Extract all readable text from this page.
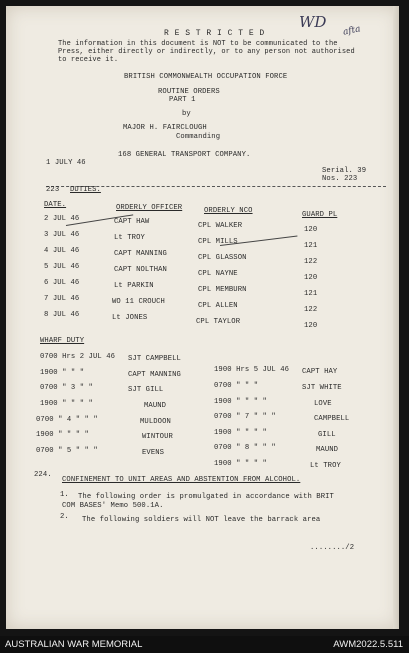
R E S T R I C T E D
WD afta
The information in this document is NOT to be communicated to the
Press, either directly or indirectly, or to any person not authorised
to receive it.
BRITISH COMMONWEALTH OCCUPATION FORCE
ROUTINE ORDERS
PART 1
by
MAJOR H. FAIRCLOUGH
Commanding
168 GENERAL TRANSPORT COMPANY.
1 JULY 46
Serial. 39
Nos. 223
223 DUTIES.
DATE.	ORDERLY OFFICER	ORDERLY NCO	GUARD PL
2 JUL 46	CAPT HAW	CPL WALKER	120
3 JUL 46	Lt TROY	CPL MILLS	121
4 JUL 46	CAPT MANNING	CPL GLASSON	122
5 JUL 46	CAPT NOLTHAN	CPL NAYNE	120
6 JUL 46	Lt PARKIN	CPL MEMBURN	121
7 JUL 46	WO 11 CROUCH	CPL ALLEN	122
8 JUL 46	Lt JONES	CPL TAYLOR	120
WHARF DUTY
0700 Hrs 2 JUL 46 SJT CAMPBELL
1900 " " "	CAPT MANNING
0700 " 3 " "	SJT GILL
1900 " " " "	MAUND
0700 " 4 " " "	MULDOON
1900 " " " "	WINTOUR
0700 " 5 " " "	EVENS
1900 Hrs 5 JUL 46 CAPT HAY
0700 " " "	SJT WHITE
1900 " " " "	LOVE
0700 " 7 " " "	CAMPBELL
1900 " " " "	GILL
0700 " 8 " " "	MAUND
1900 " " " "	Lt TROY
224.
CONFINEMENT TO UNIT AREAS AND ABSTENTION FROM ALCOHOL.
1. The following order is promulgated in accordance with BRIT
COM BASES' Memo 500.1A.
2. The following soldiers will NOT leave the barrack area
......../2
AUSTRALIAN WAR MEMORIAL	AWM2022.5.511
